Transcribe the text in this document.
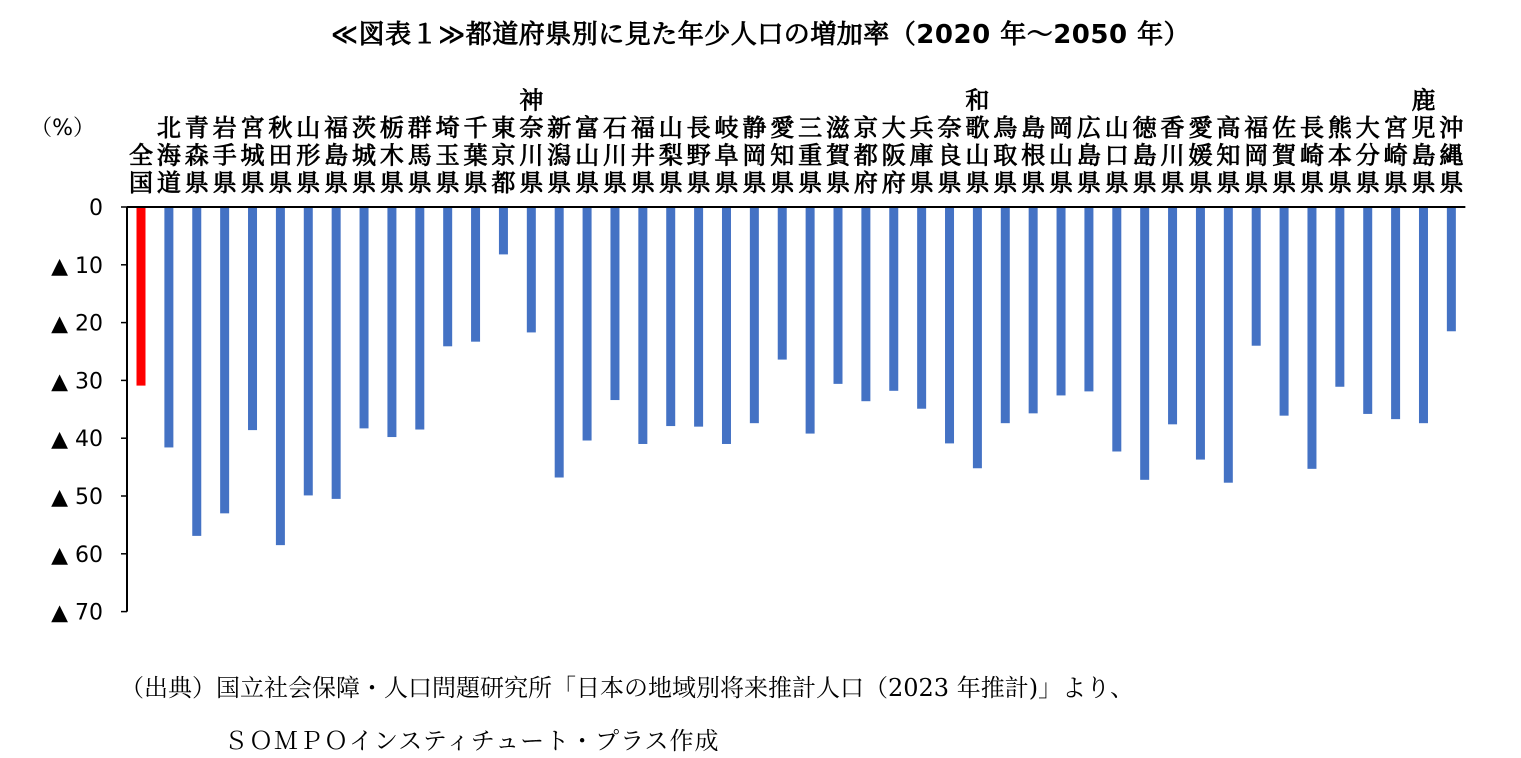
≪図表１≫都道府県別に見た年少人口の増加率（2020 年～2050 年）
（%）
0
▲ 10
▲ 20
▲ 30
▲ 40
▲ 50
▲ 60
▲ 70
全国
北海道
青森県
岩手県
宮城県
秋田県
山形県
福島県
茨城県
栃木県
群馬県
埼玉県
千葉県
東京都
神奈川県
新潟県
富山県
石川県
福井県
山梨県
長野県
岐阜県
静岡県
愛知県
三重県
滋賀県
京都府
大阪府
兵庫県
奈良県
和歌山県
鳥取県
島根県
岡山県
広島県
山口県
徳島県
香川県
愛媛県
高知県
福岡県
佐賀県
長崎県
熊本県
大分県
宮崎県
鹿児島県
沖縄県
（出典）国立社会保障・人口問題研究所「日本の地域別将来推計人口（2023 年推計)」より、
ＳＯＭＰＯインスティチュート・プラス作成
